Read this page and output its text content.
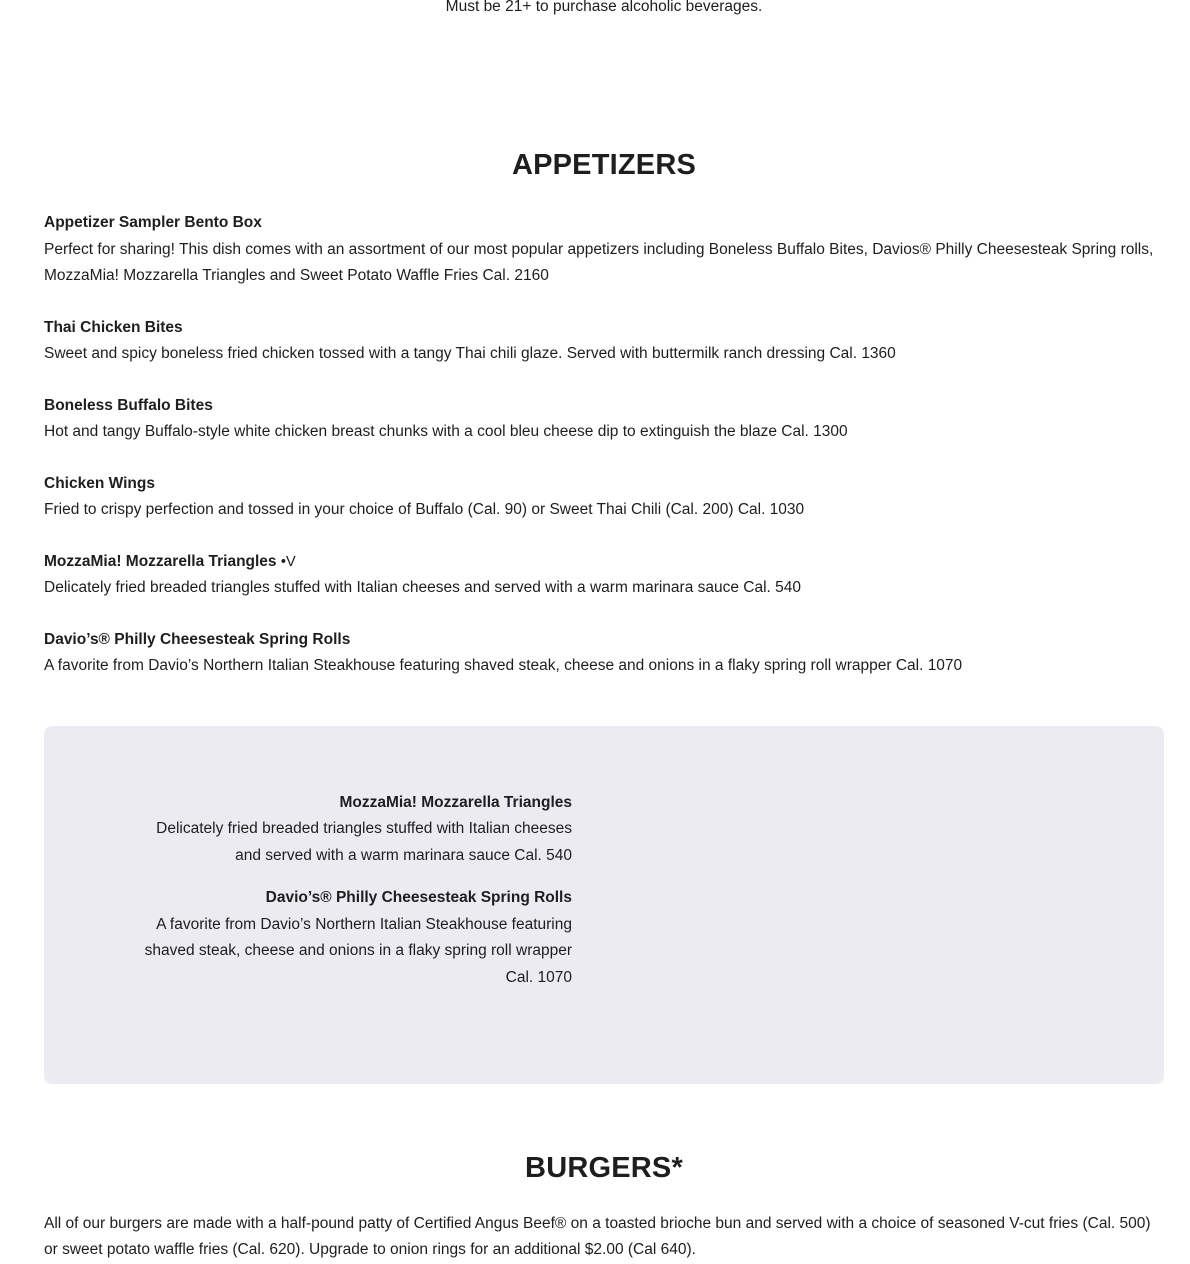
Must be 21+ to purchase alcoholic beverages.
APPETIZERS
Appetizer Sampler Bento Box
Perfect for sharing! This dish comes with an assortment of our most popular appetizers including Boneless Buffalo Bites, Davios® Philly Cheesesteak Spring rolls, MozzaMia! Mozzarella Triangles and Sweet Potato Waffle Fries Cal. 2160
Thai Chicken Bites
Sweet and spicy boneless fried chicken tossed with a tangy Thai chili glaze. Served with buttermilk ranch dressing Cal. 1360
Boneless Buffalo Bites
Hot and tangy Buffalo-style white chicken breast chunks with a cool bleu cheese dip to extinguish the blaze Cal. 1300
Chicken Wings
Fried to crispy perfection and tossed in your choice of Buffalo (Cal. 90) or Sweet Thai Chili (Cal. 200) Cal. 1030
MozzaMia! Mozzarella Triangles •V
Delicately fried breaded triangles stuffed with Italian cheeses and served with a warm marinara sauce Cal. 540
Davio’s® Philly Cheesesteak Spring Rolls
A favorite from Davio’s Northern Italian Steakhouse featuring shaved steak, cheese and onions in a flaky spring roll wrapper Cal. 1070
MozzaMia! Mozzarella Triangles
Delicately fried breaded triangles stuffed with Italian cheeses and served with a warm marinara sauce Cal. 540
Davio’s® Philly Cheesesteak Spring Rolls
A favorite from Davio’s Northern Italian Steakhouse featuring shaved steak, cheese and onions in a flaky spring roll wrapper Cal. 1070
BURGERS*

All of our burgers are made with a half-pound patty of Certified Angus Beef® on a toasted brioche bun and served with a choice of seasoned V-cut fries (Cal. 500) or sweet potato waffle fries (Cal. 620). Upgrade to onion rings for an additional $2.00 (Cal 640).
